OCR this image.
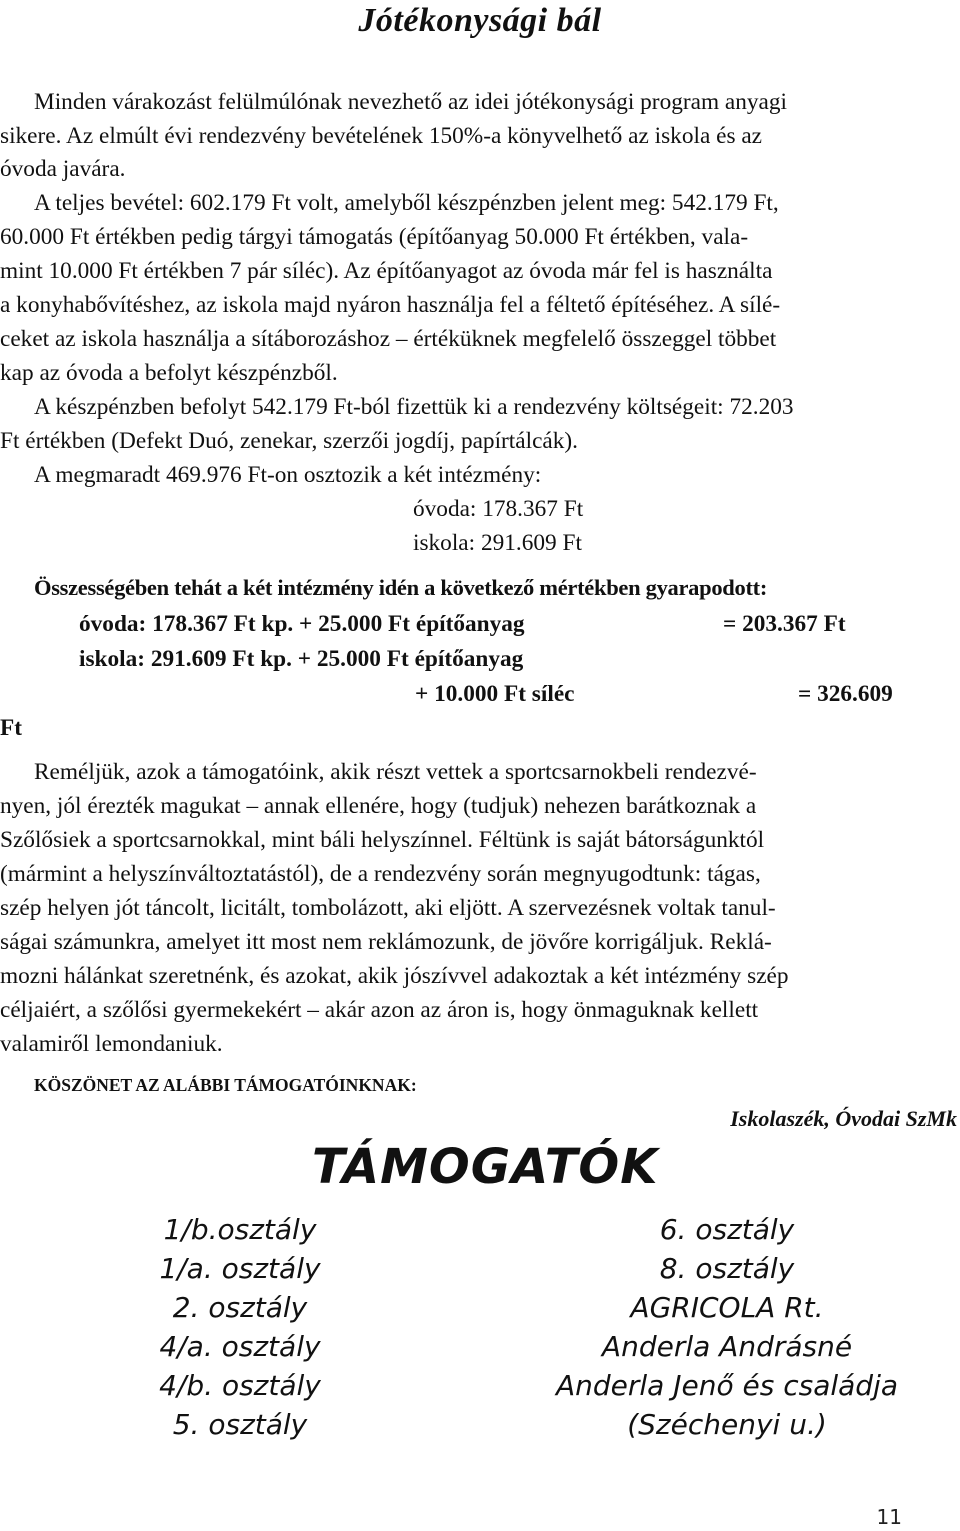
Jótékonysági bál
Minden várakozást felülmúlónak nevezhető az idei jótékonysági program anyagi
sikere. Az elmúlt évi rendezvény bevételének 150%-a könyvelhető az iskola és az
óvoda javára.
A teljes bevétel: 602.179 Ft volt, amelyből készpénzben jelent meg: 542.179 Ft,
60.000 Ft értékben pedig tárgyi támogatás (építőanyag 50.000 Ft értékben, vala-
mint 10.000 Ft értékben 7 pár síléc). Az építőanyagot az óvoda már fel is használta
a konyhabővítéshez, az iskola majd nyáron használja fel a féltető építéséhez. A sílé-
ceket az iskola használja a sítáborozáshoz – értéküknek megfelelő összeggel többet
kap az óvoda a befolyt készpénzből.
A készpénzben befolyt 542.179 Ft-ból fizettük ki a rendezvény költségeit: 72.203
Ft értékben (Defekt Duó, zenekar, szerzői jogdíj, papírtálcák).
A megmaradt 469.976 Ft-on osztozik a két intézmény:
óvoda: 178.367 Ft
iskola: 291.609 Ft
Összességében tehát a két intézmény idén a következő mértékben gyarapodott:
óvoda: 178.367 Ft kp. + 25.000 Ft építőanyag	= 203.367 Ft
iskola: 291.609 Ft kp. + 25.000 Ft építőanyag
+ 10.000 Ft síléc	= 326.609
Ft
Reméljük, azok a támogatóink, akik részt vettek a sportcsarnokbeli rendezvé-
nyen, jól érezték magukat – annak ellenére, hogy (tudjuk) nehezen barátkoznak a
Szőlősiek a sportcsarnokkal, mint báli helyszínnel. Féltünk is saját bátorságunktól
(mármint a helyszínváltoztatástól), de a rendezvény során megnyugodtunk: tágas,
szép helyen jót táncolt, licitált, tombolázott, aki eljött. A szervezésnek voltak tanul-
ságai számunkra, amelyet itt most nem reklámozunk, de jövőre korrigáljuk. Reklá-
mozni hálánkat szeretnénk, és azokat, akik jószívvel adakoztak a két intézmény szép
céljaiért, a szőlősi gyermekekért – akár azon az áron is, hogy önmaguknak kellett
valamiről lemondaniuk.
KÖSZÖNET AZ ALÁBBI TÁMOGATÓINKNAK:
Iskolaszék, Óvodai SzMk
TÁMOGATÓK
1/b.osztály
1/a. osztály
2. osztály
4/a. osztály
4/b. osztály
5. osztály
6. osztály
8. osztály
AGRICOLA Rt.
Anderla Andrásné
Anderla Jenő és családja
(Széchenyi u.)
11
